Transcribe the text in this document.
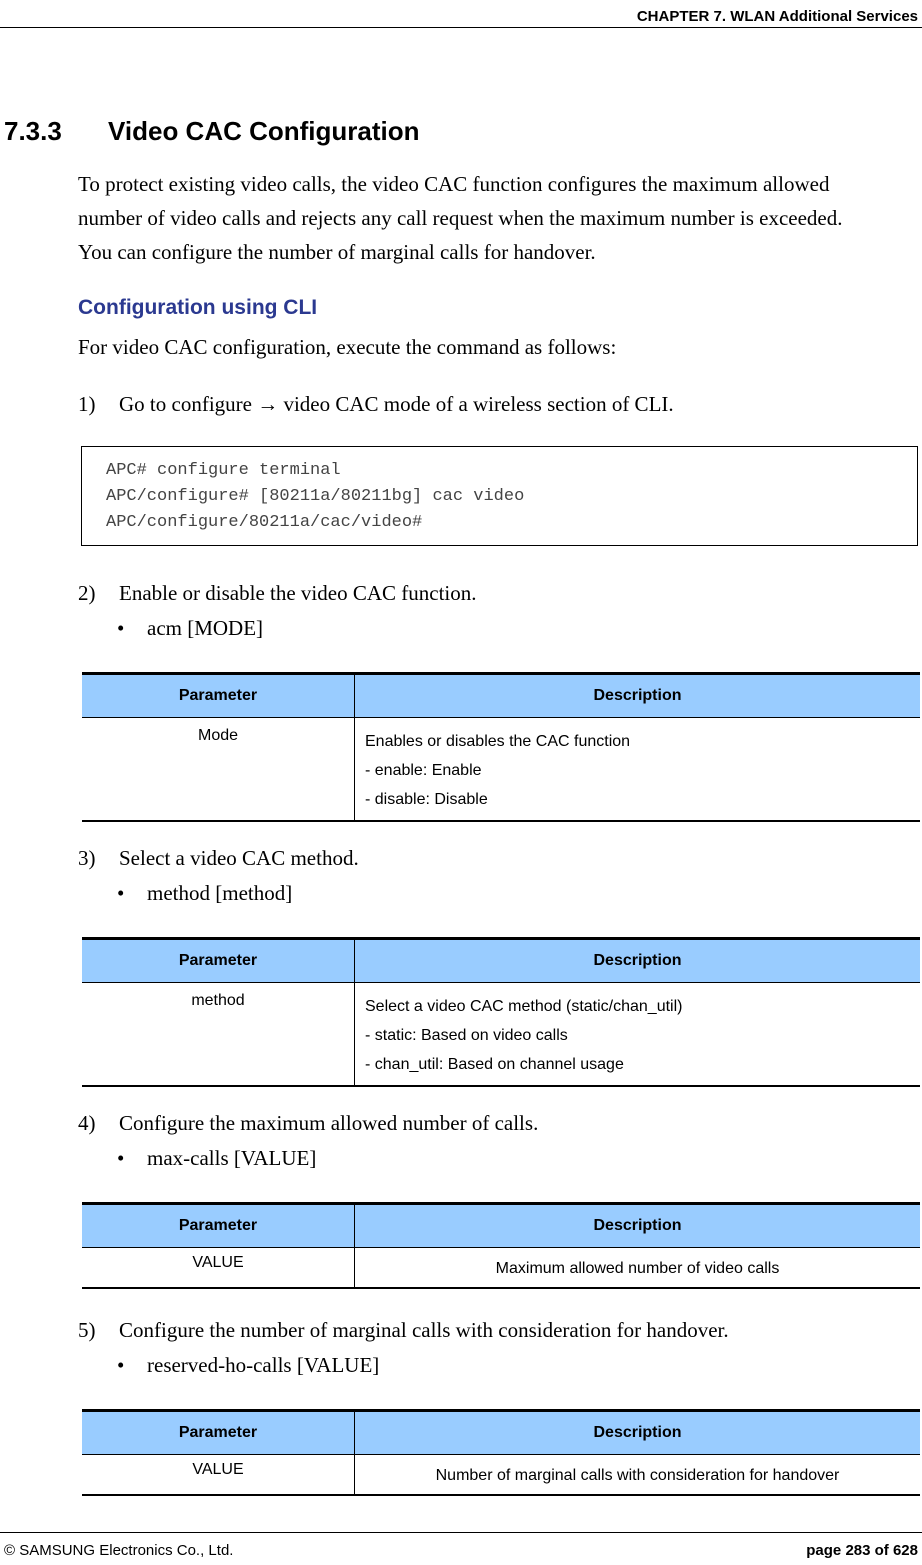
CHAPTER 7. WLAN Additional Services
7.3.3 Video CAC Configuration
To protect existing video calls, the video CAC function configures the maximum allowed
number of video calls and rejects any call request when the maximum number is exceeded.
You can configure the number of marginal calls for handover.
Configuration using CLI
For video CAC configuration, execute the command as follows:
1) Go to configure → video CAC mode of a wireless section of CLI.
APC# configure terminal
APC/configure# [80211a/80211bg] cac video
APC/configure/80211a/cac/video#
2) Enable or disable the video CAC function.
• acm [MODE]
Parameter	Description
Mode	Enables or disables the CAC function
- enable: Enable
- disable: Disable
3) Select a video CAC method.
• method [method]
Parameter	Description
method	Select a video CAC method (static/chan_util)
- static: Based on video calls
- chan_util: Based on channel usage
4) Configure the maximum allowed number of calls.
• max-calls [VALUE]
Parameter	Description
VALUE	Maximum allowed number of video calls
5) Configure the number of marginal calls with consideration for handover.
• reserved-ho-calls [VALUE]
Parameter	Description
VALUE	Number of marginal calls with consideration for handover
© SAMSUNG Electronics Co., Ltd.	page 283 of 628
